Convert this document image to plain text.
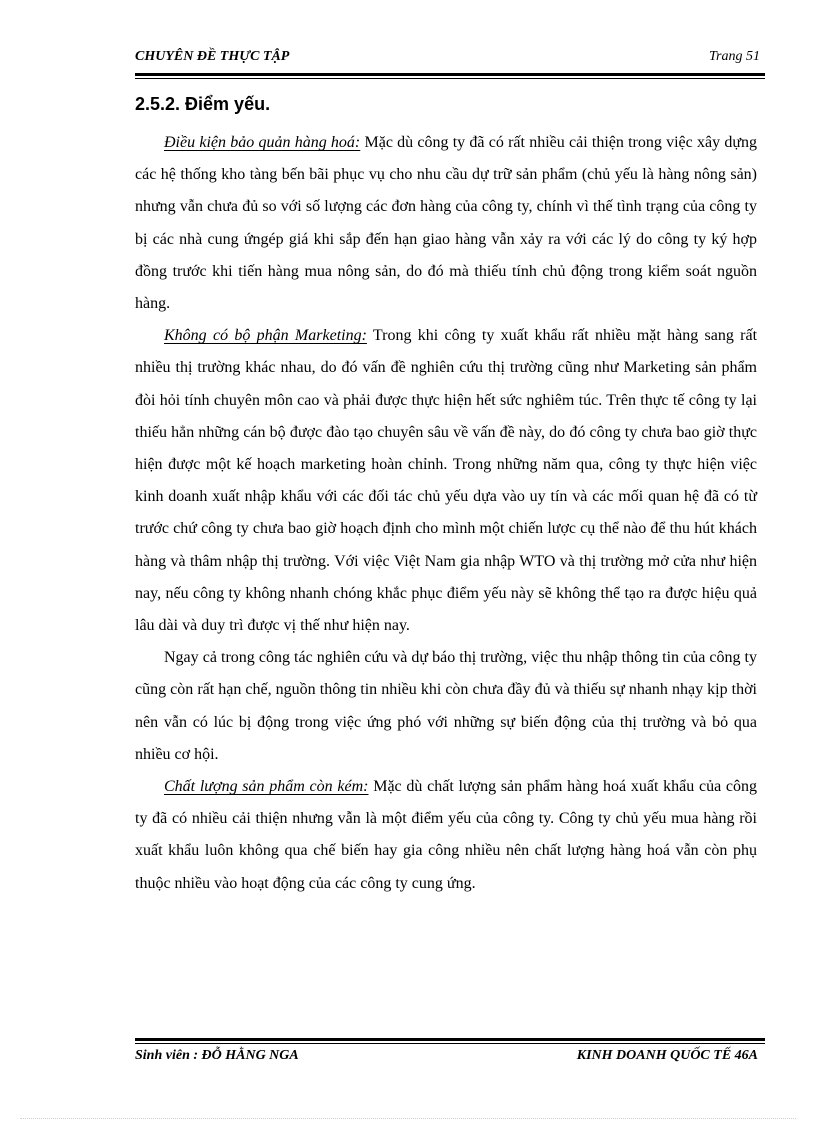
CHUYÊN ĐỀ THỰC TẬP	Trang 51
2.5.2. Điểm yếu.

Điều kiện bảo quản hàng hoá: Mặc dù công ty đã có rất nhiều cải thiện trong việc xây dựng các hệ thống kho tàng bến bãi phục vụ cho nhu cầu dự trữ sản phẩm (chủ yếu là hàng nông sản) nhưng vẫn chưa đủ so với số lượng các đơn hàng của công ty, chính vì thế tình trạng của công ty bị các nhà cung ứngép giá khi sắp đến hạn giao hàng vẫn xảy ra với các lý do công ty ký hợp đồng trước khi tiến hàng mua nông sản, do đó mà thiếu tính chủ động trong kiểm soát nguồn hàng.

Không có bộ phận Marketing: Trong khi công ty xuất khẩu rất nhiều mặt hàng sang rất nhiều thị trường khác nhau, do đó vấn đề nghiên cứu thị trường cũng như Marketing sản phẩm đòi hỏi tính chuyên môn cao và phải được thực hiện hết sức nghiêm túc. Trên thực tế công ty lại thiếu hẳn những cán bộ được đào tạo chuyên sâu về vấn đề này, do đó công ty chưa bao giờ thực hiện được một kế hoạch marketing hoàn chỉnh. Trong những năm qua, công ty thực hiện việc kinh doanh xuất nhập khẩu với các đối tác chủ yếu dựa vào uy tín và các mối quan hệ đã có từ trước chứ công ty chưa bao giờ hoạch định cho mình một chiến lược cụ thể nào để thu hút khách hàng và thâm nhập thị trường. Với việc Việt Nam gia nhập WTO và thị trường mở cửa như hiện nay, nếu công ty không nhanh chóng khắc phục điểm yếu này sẽ không thể tạo ra được hiệu quả lâu dài và duy trì được vị thế như hiện nay.

Ngay cả trong công tác nghiên cứu và dự báo thị trường, việc thu nhập thông tin của công ty cũng còn rất hạn chế, nguồn thông tin nhiều khi còn chưa đầy đủ và thiếu sự nhanh nhạy kịp thời nên vẫn có lúc bị động trong việc ứng phó với những sự biến động của thị trường và bỏ qua nhiều cơ hội.

Chất lượng sản phẩm còn kém: Mặc dù chất lượng sản phẩm hàng hoá xuất khẩu của công ty đã có nhiều cải thiện nhưng vẫn là một điểm yếu của công ty. Công ty chủ yếu mua hàng rồi xuất khẩu luôn không qua chế biến hay gia công nhiều nên chất lượng hàng hoá vẫn còn phụ thuộc nhiều vào hoạt động của các công ty cung ứng.

Sinh viên : ĐỖ HẰNG NGA	KINH DOANH QUỐC TẾ 46A
